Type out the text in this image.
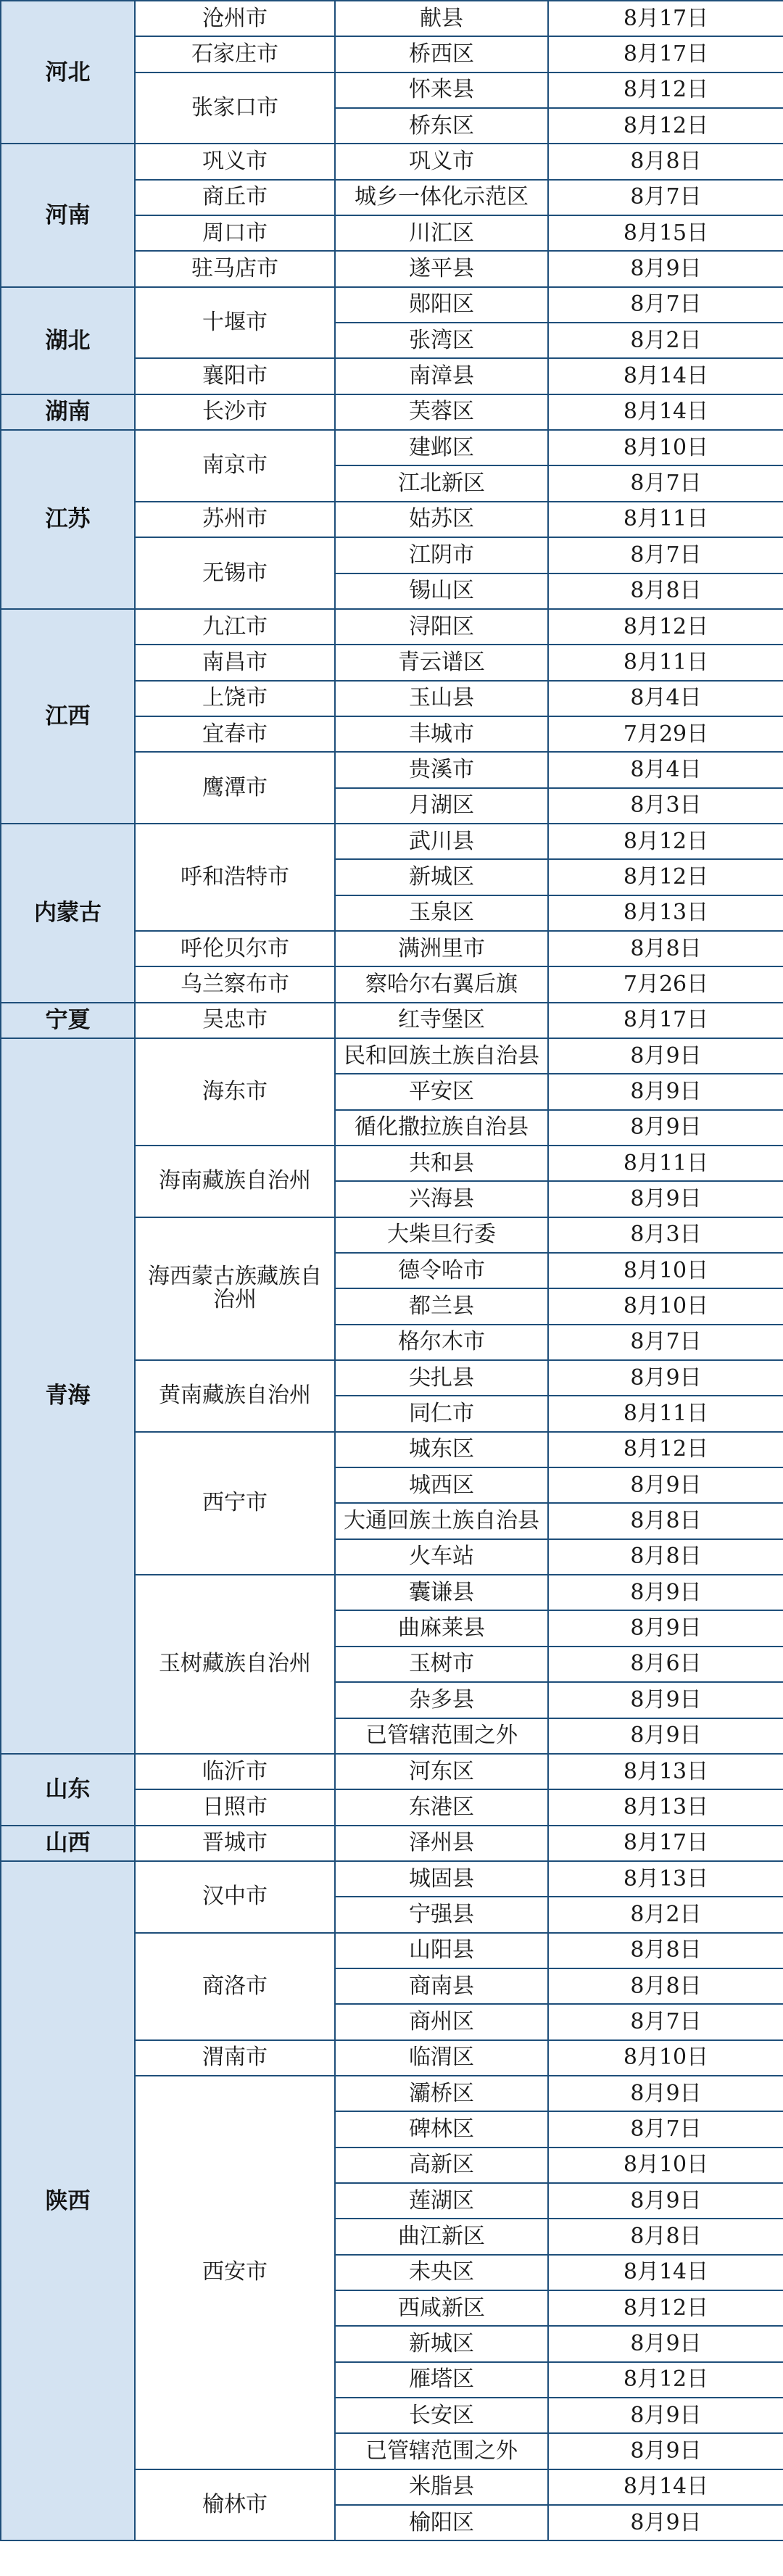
河北	沧州市	献县	8月17日
	石家庄市	桥西区	8月17日
	张家口市	怀来县	8月12日
		桥东区	8月12日
河南	巩义市	巩义市	8月8日
	商丘市	城乡一体化示范区	8月7日
	周口市	川汇区	8月15日
	驻马店市	遂平县	8月9日
湖北	十堰市	郧阳区	8月7日
		张湾区	8月2日
	襄阳市	南漳县	8月14日
湖南	长沙市	芙蓉区	8月14日
江苏	南京市	建邺区	8月10日
		江北新区	8月7日
	苏州市	姑苏区	8月11日
	无锡市	江阴市	8月7日
		锡山区	8月8日
江西	九江市	浔阳区	8月12日
	南昌市	青云谱区	8月11日
	上饶市	玉山县	8月4日
	宜春市	丰城市	7月29日
	鹰潭市	贵溪市	8月4日
		月湖区	8月3日
内蒙古	呼和浩特市	武川县	8月12日
		新城区	8月12日
		玉泉区	8月13日
	呼伦贝尔市	满洲里市	8月8日
	乌兰察布市	察哈尔右翼后旗	7月26日
宁夏	吴忠市	红寺堡区	8月17日
青海	海东市	民和回族土族自治县	8月9日
		平安区	8月9日
		循化撒拉族自治县	8月9日
	海南藏族自治州	共和县	8月11日
		兴海县	8月9日
	海西蒙古族藏族自治州	大柴旦行委	8月3日
		德令哈市	8月10日
		都兰县	8月10日
		格尔木市	8月7日
	黄南藏族自治州	尖扎县	8月9日
		同仁市	8月11日
	西宁市	城东区	8月12日
		城西区	8月9日
		大通回族土族自治县	8月8日
		火车站	8月8日
	玉树藏族自治州	囊谦县	8月9日
		曲麻莱县	8月9日
		玉树市	8月6日
		杂多县	8月9日
		已管辖范围之外	8月9日
山东	临沂市	河东区	8月13日
	日照市	东港区	8月13日
山西	晋城市	泽州县	8月17日
陕西	汉中市	城固县	8月13日
		宁强县	8月2日
	商洛市	山阳县	8月8日
		商南县	8月8日
		商州区	8月7日
	渭南市	临渭区	8月10日
	西安市	灞桥区	8月9日
		碑林区	8月7日
		高新区	8月10日
		莲湖区	8月9日
		曲江新区	8月8日
		未央区	8月14日
		西咸新区	8月12日
		新城区	8月9日
		雁塔区	8月12日
		长安区	8月9日
		已管辖范围之外	8月9日
	榆林市	米脂县	8月14日
		榆阳区	8月9日
